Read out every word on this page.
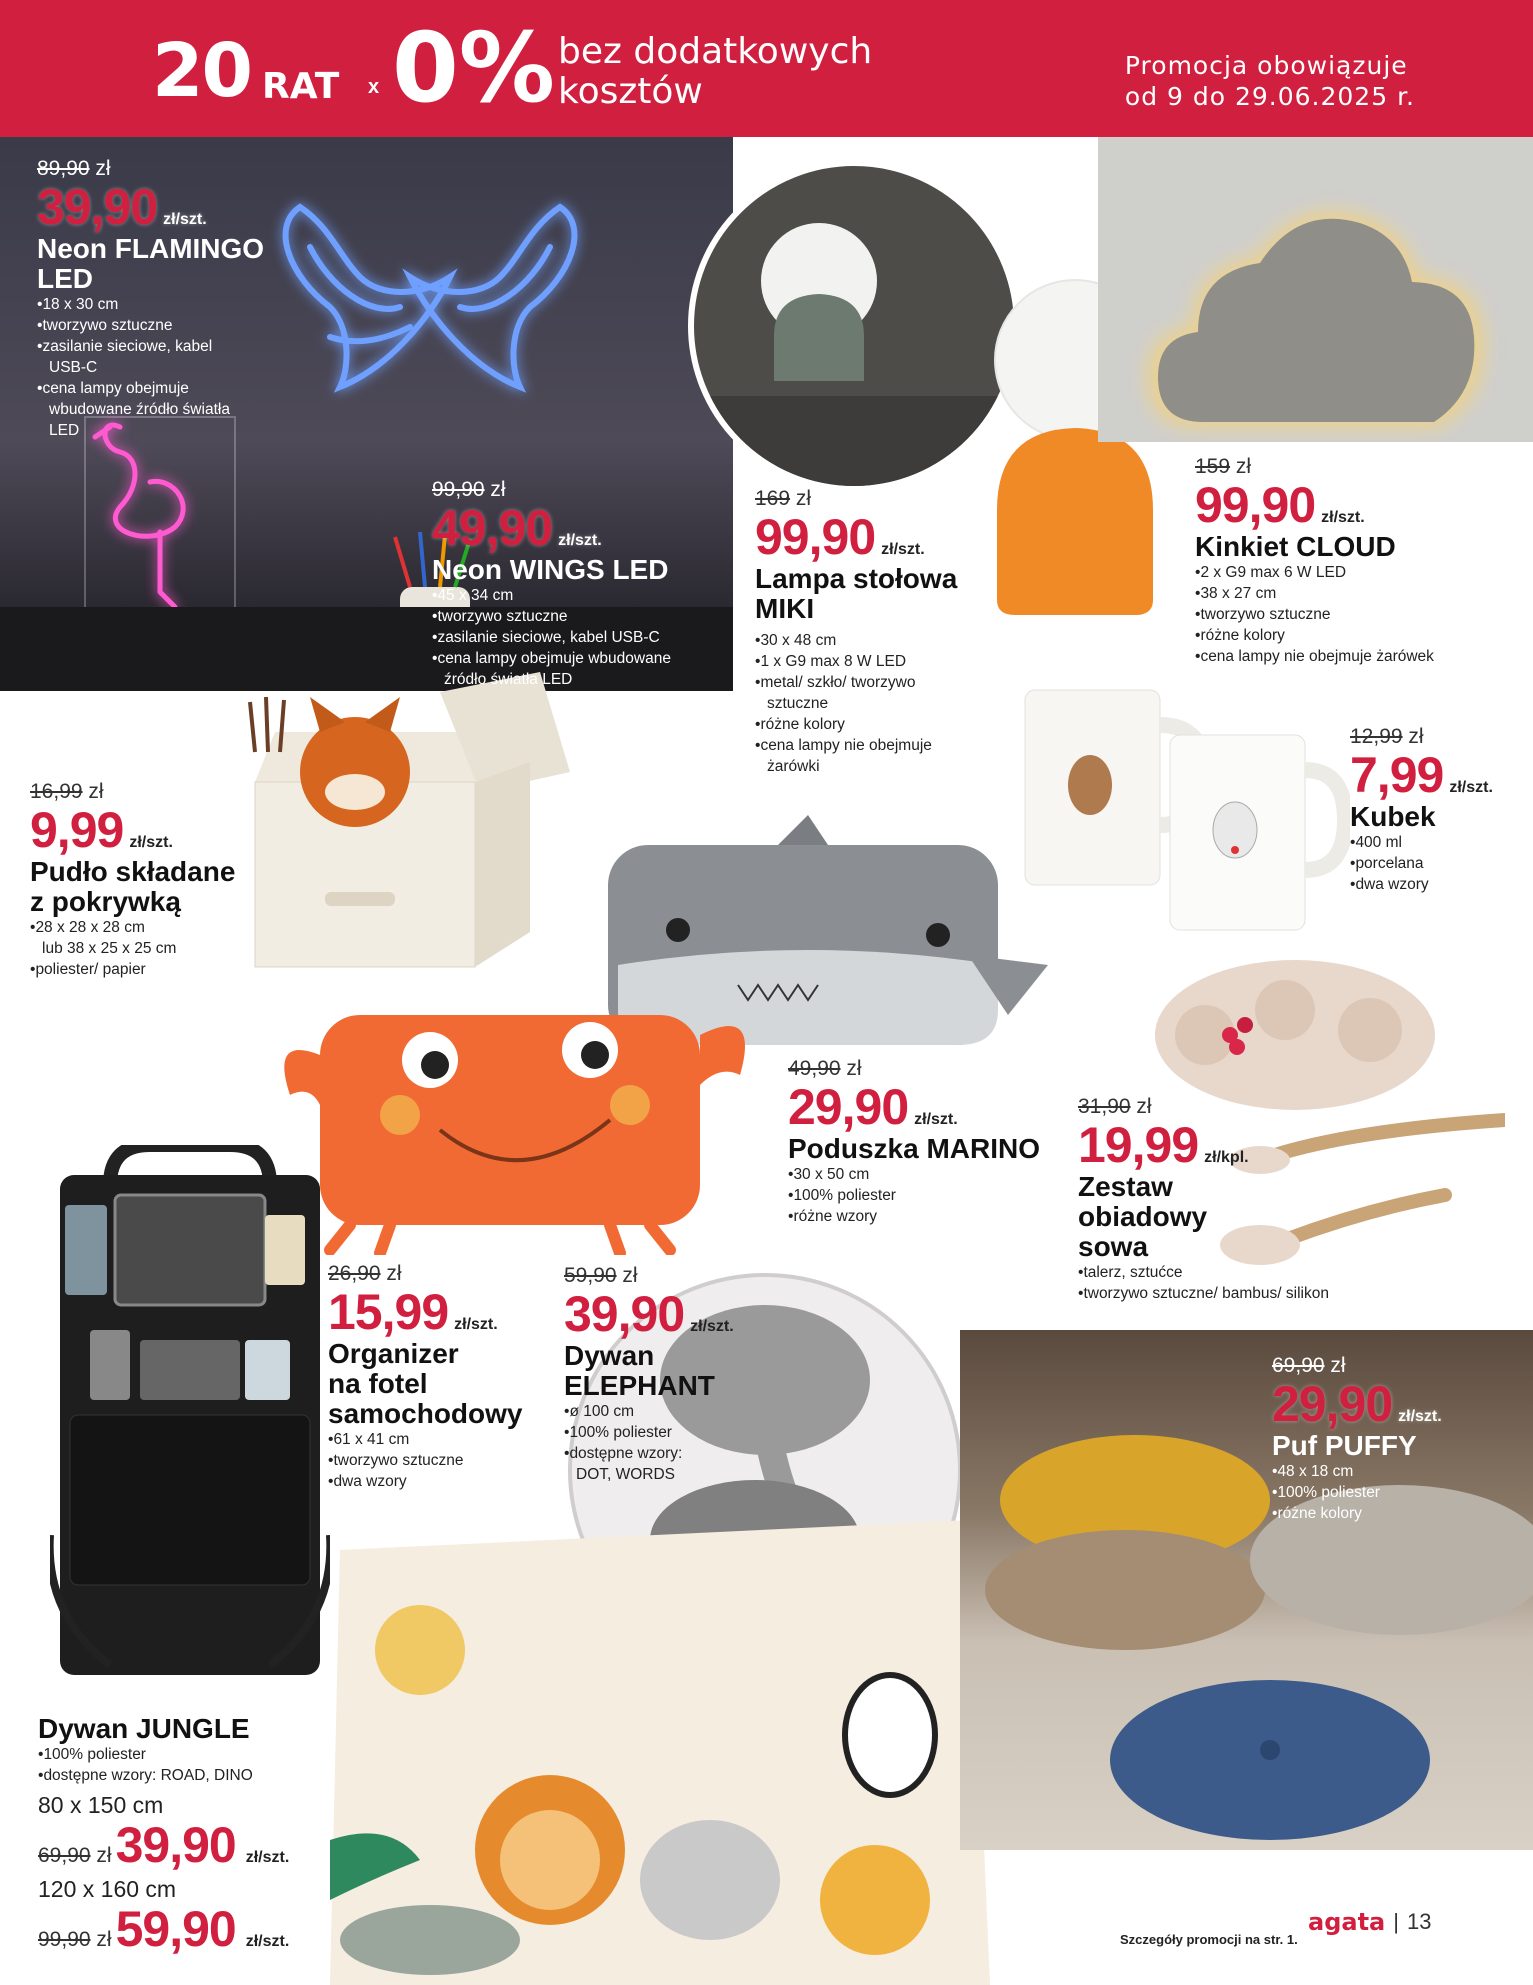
20 RAT x 0% bez dodatkowych
kosztów
Promocja obowiązuje
od 9 do 29.06.2025 r.
89,90 zł
39,90 zł/szt.
Neon FLAMINGO
LED
• 18 x 30 cm
• tworzywo sztuczne
• zasilanie sieciowe, kabel
USB-C
• cena lampy obejmuje
wbudowane źródło światła
LED
99,90 zł
49,90 zł/szt.
Neon WINGS LED
• 45 x 34 cm
• tworzywo sztuczne
• zasilanie sieciowe, kabel USB-C
• cena lampy obejmuje wbudowane
źródło światła LED
169 zł
99,90 zł/szt.
Lampa stołowa
MIKI
• 30 x 48 cm
• 1 x G9 max 8 W LED
• metal/ szkło/ tworzywo
sztuczne
• różne kolory
• cena lampy nie obejmuje
żarówki
159 zł
99,90 zł/szt.
Kinkiet CLOUD
• 2 x G9 max 6 W LED
• 38 x 27 cm
• tworzywo sztuczne
• różne kolory
• cena lampy nie obejmuje żarówek
16,99 zł
9,99 zł/szt.
Pudło składane
z pokrywką
• 28 x 28 x 28 cm
lub 38 x 25 x 25 cm
• poliester/ papier
12,99 zł
7,99 zł/szt.
Kubek
• 400 ml
• porcelana
• dwa wzory
49,90 zł
29,90 zł/szt.
Poduszka MARINO
• 30 x 50 cm
• 100% poliester
• różne wzory
31,90 zł
19,99 zł/kpl.
Zestaw
obiadowy
sowa
• talerz, sztućce
• tworzywo sztuczne/ bambus/ silikon
26,90 zł
15,99 zł/szt.
Organizer
na fotel
samochodowy
• 61 x 41 cm
• tworzywo sztuczne
• dwa wzory
59,90 zł
39,90 zł/szt.
Dywan
ELEPHANT
• ø 100 cm
• 100% poliester
• dostępne wzory:
DOT, WORDS
69,90 zł
29,90 zł/szt.
Puf PUFFY
• 48 x 18 cm
• 100% poliester
• różne kolory
Dywan JUNGLE
• 100% poliester
• dostępne wzory: ROAD, DINO
80 x 150 cm
69,90 zł 39,90 zł/szt.
120 x 160 cm
99,90 zł 59,90 zł/szt.	Szczegóły promocji na str. 1.
agata | 13
